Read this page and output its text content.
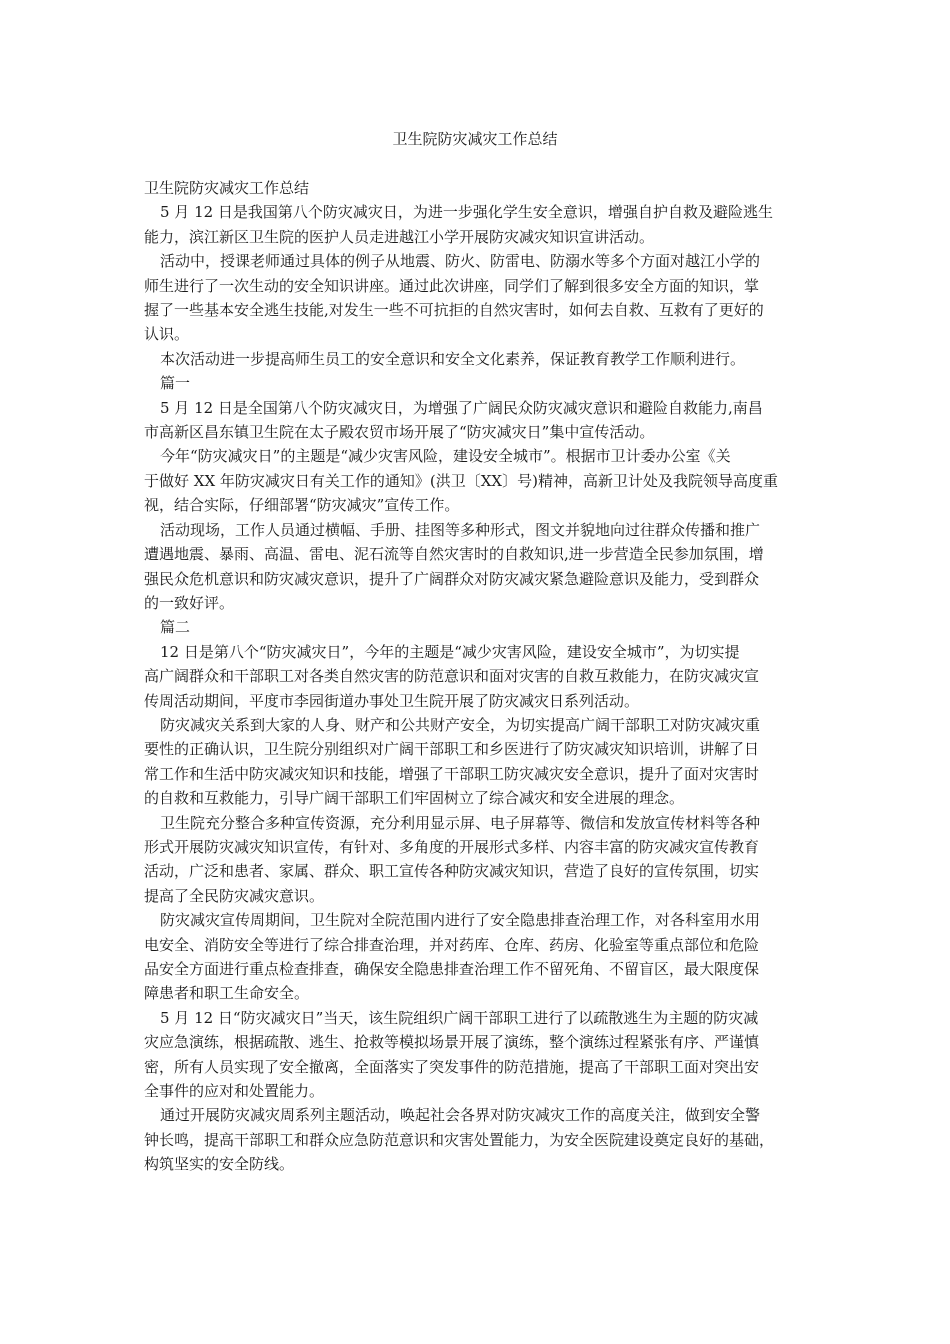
卫生院防灾减灾工作总结

卫生院防灾减灾工作总结

5 月 12 日是我国第八个防灾减灾日，为进一步强化学生安全意识，增强自护自救及避险逃生

能力，滨江新区卫生院的医护人员走进越江小学开展防灾减灾知识宣讲活动。

活动中，授课老师通过具体的例子从地震、防火、防雷电、防溺水等多个方面对越江小学的

师生进行了一次生动的安全知识讲座。通过此次讲座，同学们了解到很多安全方面的知识，掌

握了一些基本安全逃生技能,对发生一些不可抗拒的自然灾害时，如何去自救、互救有了更好的

认识。

本次活动进一步提高师生员工的安全意识和安全文化素养，保证教育教学工作顺利进行。

篇一

5 月 12 日是全国第八个防灾减灾日，为增强了广阔民众防灾减灾意识和避险自救能力,南昌

市高新区昌东镇卫生院在太子殿农贸市场开展了“防灾减灾日”集中宣传活动。

今年“防灾减灾日”的主题是“减少灾害风险，建设安全城市”。根据市卫计委办公室《关

于做好 XX 年防灾减灾日有关工作的通知》(洪卫〔XX〕号)精神，高新卫计处及我院领导高度重

视，结合实际，仔细部署“防灾减灾”宣传工作。

活动现场，工作人员通过横幅、手册、挂图等多种形式，图文并貌地向过往群众传播和推广

遭遇地震、暴雨、高温、雷电、泥石流等自然灾害时的自救知识,进一步营造全民参加氛围，增

强民众危机意识和防灾减灾意识，提升了广阔群众对防灾减灾紧急避险意识及能力，受到群众

的一致好评。

篇二

12 日是第八个“防灾减灾日”，今年的主题是“减少灾害风险，建设安全城市”，为切实提

高广阔群众和干部职工对各类自然灾害的防范意识和面对灾害的自救互救能力，在防灾减灾宣

传周活动期间，平度市李园街道办事处卫生院开展了防灾减灾日系列活动。

防灾减灾关系到大家的人身、财产和公共财产安全，为切实提高广阔干部职工对防灾减灾重

要性的正确认识，卫生院分别组织对广阔干部职工和乡医进行了防灾减灾知识培训，讲解了日

常工作和生活中防灾减灾知识和技能，增强了干部职工防灾减灾安全意识，提升了面对灾害时

的自救和互救能力，引导广阔干部职工们牢固树立了综合减灾和安全进展的理念。

卫生院充分整合多种宣传资源，充分利用显示屏、电子屏幕等、微信和发放宣传材料等各种

形式开展防灾减灾知识宣传，有针对、多角度的开展形式多样、内容丰富的防灾减灾宣传教育

活动，广泛和患者、家属、群众、职工宣传各种防灾减灾知识，营造了良好的宣传氛围，切实

提高了全民防灾减灾意识。

防灾减灾宣传周期间，卫生院对全院范围内进行了安全隐患排查治理工作，对各科室用水用

电安全、消防安全等进行了综合排查治理，并对药库、仓库、药房、化验室等重点部位和危险

品安全方面进行重点检查排查，确保安全隐患排查治理工作不留死角、不留盲区，最大限度保

障患者和职工生命安全。

5 月 12 日“防灾减灾日”当天，该生院组织广阔干部职工进行了以疏散逃生为主题的防灾减

灾应急演练，根据疏散、逃生、抢救等模拟场景开展了演练，整个演练过程紧张有序、严谨慎

密，所有人员实现了安全撤离，全面落实了突发事件的防范措施，提高了干部职工面对突出安

全事件的应对和处置能力。

通过开展防灾减灾周系列主题活动，唤起社会各界对防灾减灾工作的高度关注，做到安全警

钟长鸣，提高干部职工和群众应急防范意识和灾害处置能力，为安全医院建设奠定良好的基础，

构筑坚实的安全防线。
